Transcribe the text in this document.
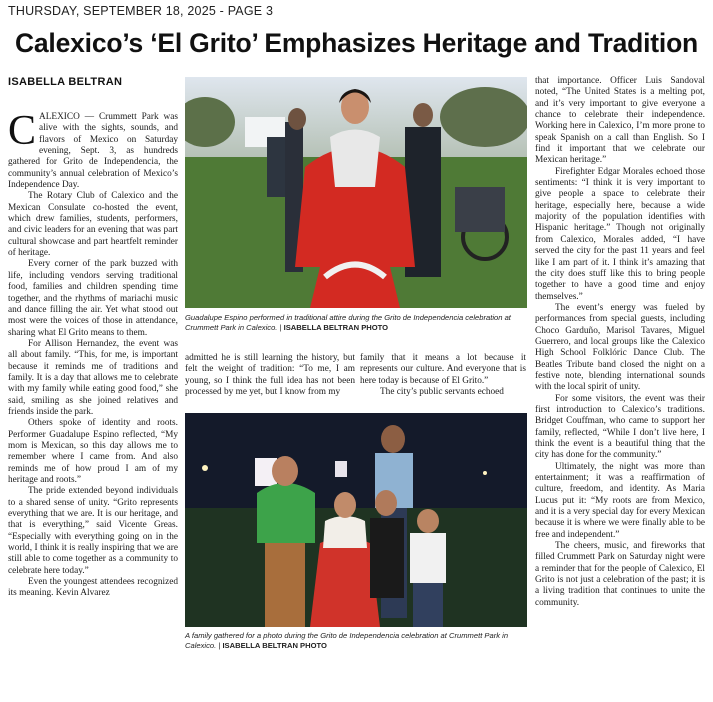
THURSDAY, SEPTEMBER 18, 2025 - PAGE 3
Calexico’s ‘El Grito’ Emphasizes Heritage and Tradition
ISABELLA BELTRAN

CALEXICO — Crummett Park was alive with the sights, sounds, and flavors of Mexico on Saturday evening, Sept. 3, as hundreds gathered for Grito de Independencia, the community’s annual celebration of Mexico’s Independence Day.

The Rotary Club of Calexico and the Mexican Consulate co-hosted the event, which drew families, students, performers, and civic leaders for an evening that was part cultural showcase and part heartfelt reminder of heritage.

Every corner of the park buzzed with life, including vendors serving traditional food, families and children spending time together, and the rhythms of mariachi music and dance filling the air. Yet what stood out most were the voices of those in attendance, sharing what El Grito means to them.

For Allison Hernandez, the event was all about family. “This, for me, is important because it reminds me of traditions and family. It is a day that allows me to celebrate with my family while eating good food,” she said, smiling as she joined relatives and friends inside the park.

Others spoke of identity and roots. Performer Guadalupe Espino reflected, “My mom is Mexican, so this day allows me to remember where I came from. And also reminds me of how proud I am of my heritage and roots.”

The pride extended beyond individuals to a shared sense of unity. “Grito represents everything that we are. It is our heritage, and that is everything,” said Vicente Greas. “Especially with everything going on in the world, I think it is really inspiring that we are still able to come together as a community to celebrate here today.”

Even the youngest attendees recognized its meaning. Kevin Alvarez

Guadalupe Espino performed in traditional attire during the Grito de Independencia celebration at Crummett Park in Calexico. | ISABELLA BELTRAN PHOTO

admitted he is still learning the history, but felt the weight of tradition: “To me, I am young, so I think the full idea has not been processed by me yet, but I know from my

family that it means a lot because it represents our culture. And everyone that is here today is because of El Grito.”

The city’s public servants echoed

A family gathered for a photo during the Grito de Independencia celebration at Crummett Park in Calexico. | ISABELLA BELTRAN PHOTO

that importance. Officer Luis Sandoval noted, “The United States is a melting pot, and it’s very important to give everyone a chance to celebrate their independence. Working here in Calexico, I’m more prone to speak Spanish on a call than English. So I find it important that we celebrate our Mexican heritage.”

Firefighter Edgar Morales echoed those sentiments: “I think it is very important to give people a space to celebrate their heritage, especially here, because a wide majority of the population identifies with Hispanic heritage.” Though not originally from Calexico, Morales added, “I have served the city for the past 11 years and feel like I am part of it. I think it’s amazing that the city does stuff like this to bring people together to have a good time and enjoy themselves.”

The event’s energy was fueled by performances from special guests, including Choco Garduño, Marisol Tavares, Miguel Guerrero, and local groups like the Calexico High School Folklóric Dance Club. The Beatles Tribute band closed the night on a festive note, blending international sounds with the local spirit of unity.

For some visitors, the event was their first introduction to Calexico’s traditions. Bridget Couffman, who came to support her family, reflected, “While I don’t live here, I think the event is a beautiful thing that the city has done for the community.”

Ultimately, the night was more than entertainment; it was a reaffirmation of culture, freedom, and identity. As Maria Lucus put it: “My roots are from Mexico, and it is a very special day for every Mexican because it is where we were finally able to be free and independent.”

The cheers, music, and fireworks that filled Crummett Park on Saturday night were a reminder that for the people of Calexico, El Grito is not just a celebration of the past; it is a living tradition that continues to unite the community.
